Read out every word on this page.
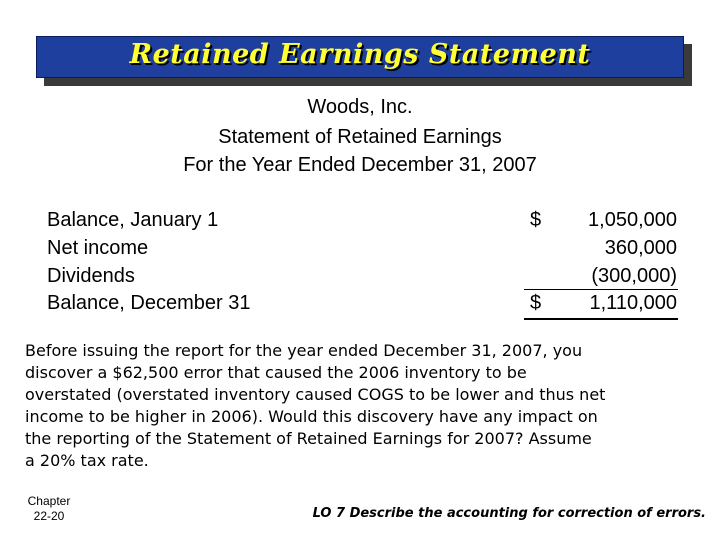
Retained Earnings Statement
Woods, Inc.
Statement of Retained Earnings
For the Year Ended December 31, 2007
Balance, January 1	$ 1,050,000
Net income	360,000
Dividends	(300,000)
Balance, December 31	$ 1,110,000
Before issuing the report for the year ended December 31, 2007, you
discover a $62,500 error that caused the 2006 inventory to be
overstated (overstated inventory caused COGS to be lower and thus net
income to be higher in 2006). Would this discovery have any impact on
the reporting of the Statement of Retained Earnings for 2007? Assume
a 20% tax rate.
Chapter
22-20	LO 7 Describe the accounting for correction of errors.
